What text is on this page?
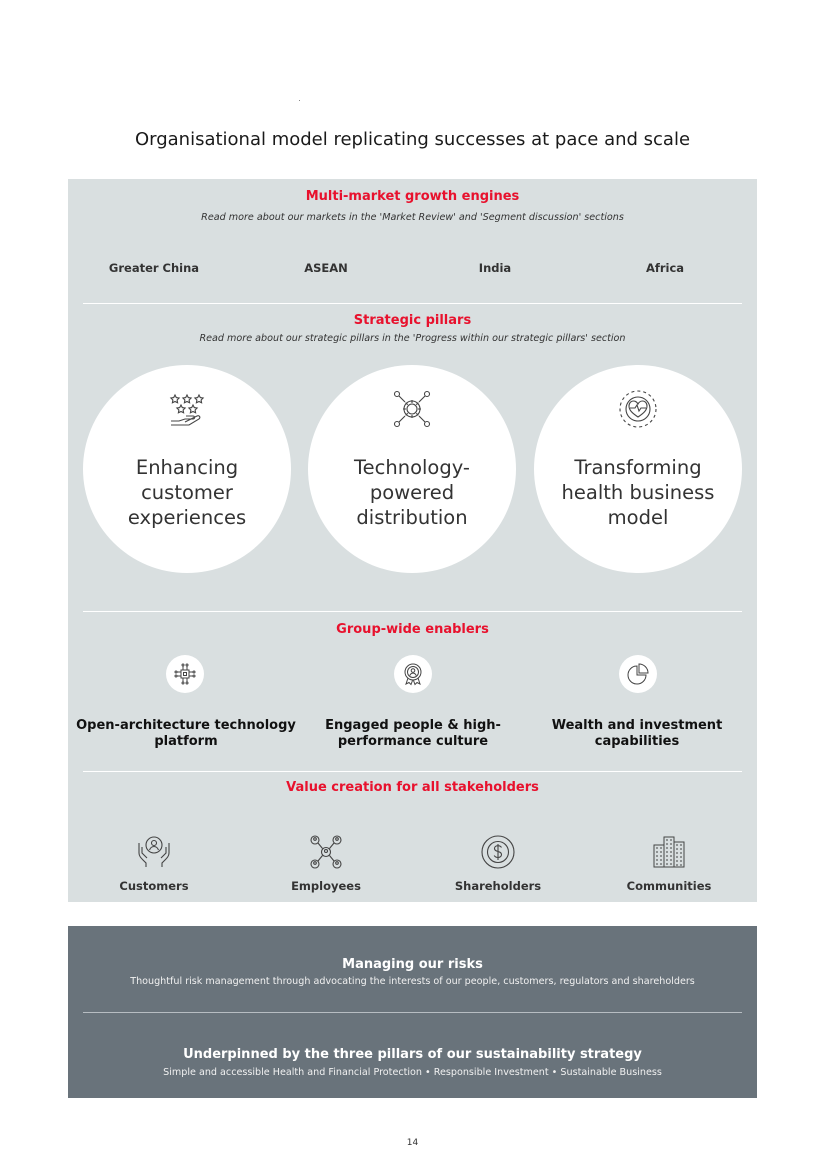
Organisational model replicating successes at pace and scale
Multi-market growth engines
Read more about our markets in the 'Market Review' and 'Segment discussion' sections
Greater China	ASEAN	India	Africa
Strategic pillars
Read more about our strategic pillars in the 'Progress within our strategic pillars' section
Enhancing customer experiences
Technology-powered distribution
Transforming health business model
Group-wide enablers
Open-architecture technology platform
Engaged people & high-performance culture
Wealth and investment capabilities
Value creation for all stakeholders
Customers	Employees	Shareholders	Communities
Managing our risks
Thoughtful risk management through advocating the interests of our people, customers, regulators and shareholders
Underpinned by the three pillars of our sustainability strategy
Simple and accessible Health and Financial Protection • Responsible Investment • Sustainable Business
14
